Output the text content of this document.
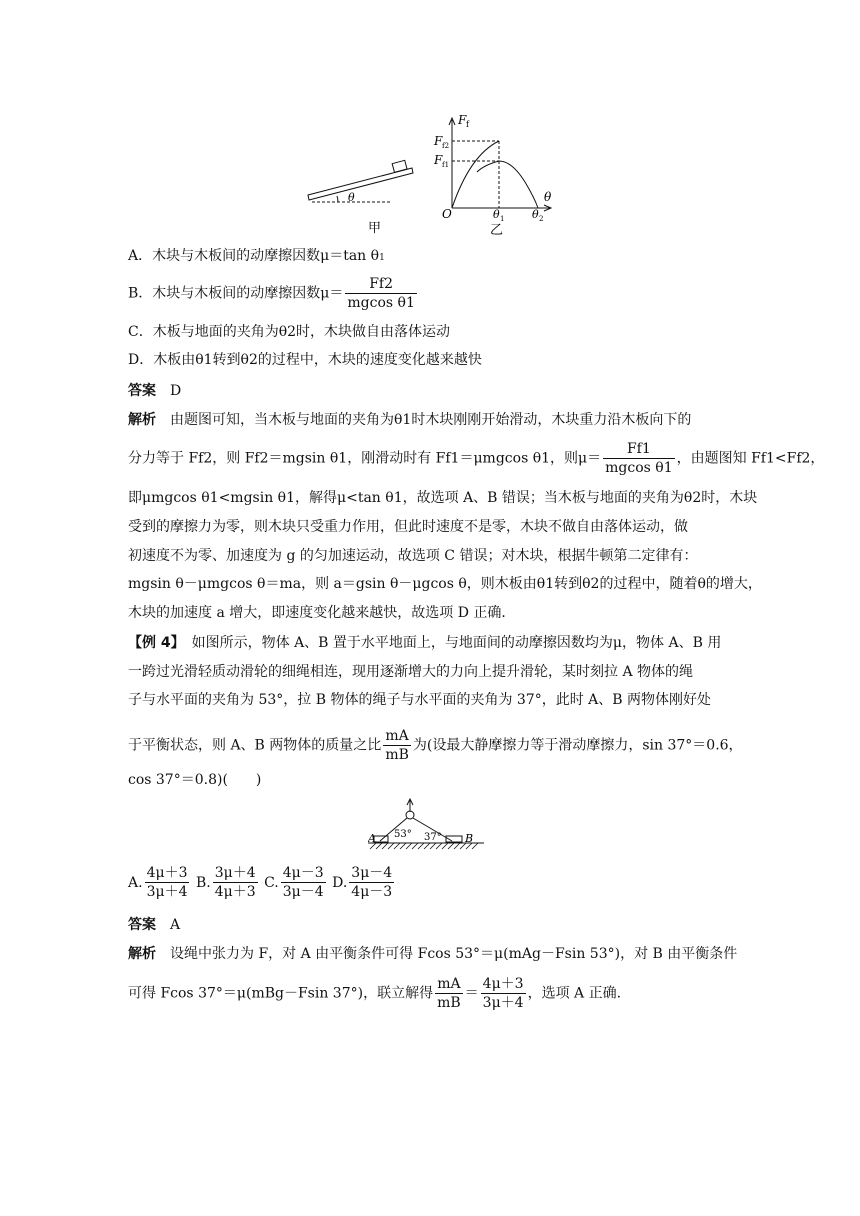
θ
甲
F f
F f2
F f1
θ
O	θ 1	θ 2
乙
A．木块与木板间的动摩擦因数μ＝tan θ1
B．木块与木板间的动摩擦因数$\mu= \frac{Ff2}{\text{mgcos θ1}}$
C．木板与地面的夹角为θ2时，木块做自由落体运动
D．木板由θ1转到θ2的过程中，木块的速度变化越来越快
答案　 D
解析　 由题图可知，当木板与地面的夹角为θ1时木块刚刚开始滑动，木块重力沿木板向下的
分力等于 Ff2，则 Ff2＝mgsin θ1，刚滑动时有 Ff1＝μmgcos θ1，则$\mu= \frac{Ff1}{\text{mgcos θ1}}$ ，由题图知 Ff1<Ff2，
即μmgcos θ1<mgsin θ1，解得μ<tan θ1，故选项 A、B 错误；当木板与地面的夹角为θ2时，木块
受到的摩擦力为零，则木块只受重力作用，但此时速度不是零，木块不做自由落体运动，做
初速度不为零、加速度为 g 的匀加速运动，故选项 C 错误；对木块，根据牛顿第二定律有：
mgsin θ－μmgcos θ＝ma，则 a＝gsin θ－μgcos θ，则木板由θ1转到θ2的过程中，随着θ的增大，
木块的加速度 a 增大，即速度变化越来越快，故选项 D 正确．
【例 4】　 如图所示，物体 A、B 置于水平地面上，与地面间的动摩擦因数均为μ，物体 A、B 用
一跨过光滑轻质动滑轮的细绳相连，现用逐渐增大的力向上提升滑轮，某时刻拉 A 物体的绳
子与水平面的夹角为 53°，拉 B 物体的绳子与水平面的夹角为 37°，此时 A、B 两物体刚好处
于平衡状态，则 A、B 两物体的质量之比 $\frac{mA}{mB}$ 为(设最大静摩擦力等于滑动摩擦力，sin 37°＝0.6，
cos 37°＝0.8)(　　)
A	B
53° 37°
A. $\frac{4\mu+3}{3\mu+4} B$. $\frac{3\mu+4}{4\mu+3} C$. $\frac{4\mu-3}{3\mu-4} D$. $\frac{3\mu-4}{4\mu-3}$
答案　 A
解析　 设绳中张力为 F，对 A 由平衡条件可得 Fcos 53°＝μ(mAg－Fsin 53°)，对 B 由平衡条件
可得 Fcos 37°＝μ(mBg－Fsin 37°)，联立解得 $\frac{mA}{mB} = \frac{4\mu+3}{3\mu+4}$ ，选项 A 正确.
